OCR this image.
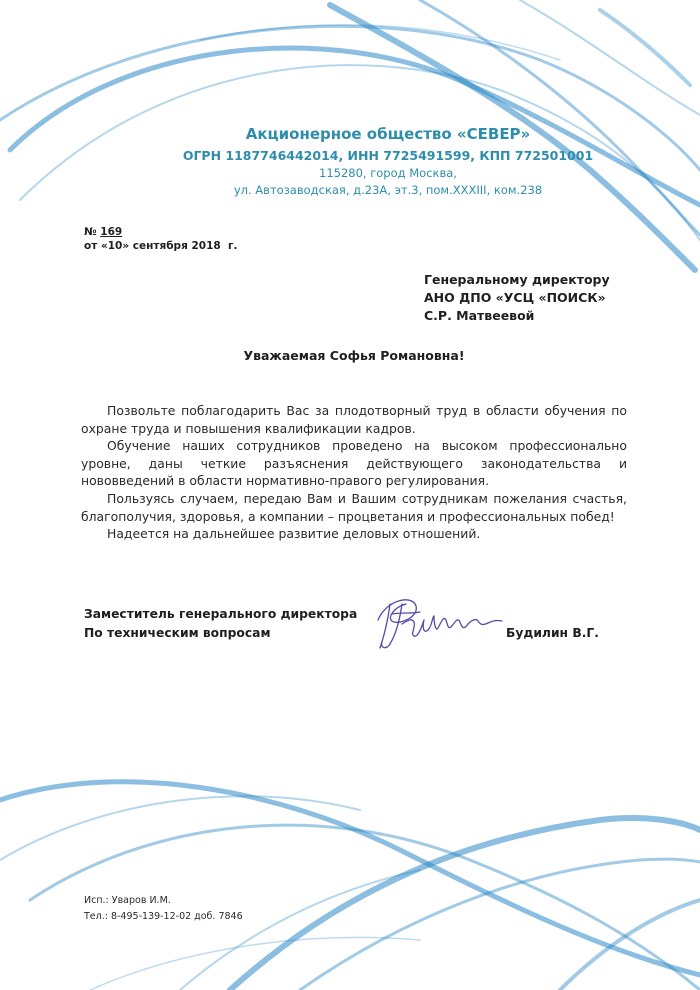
Акционерное общество «СЕВЕР»
ОГРН 1187746442014, ИНН 7725491599, КПП 772501001
115280, город Москва,
ул. Автозаводская, д.23А, эт.3, пом.XXXIII, ком.238
№ 169
от «10» сентября 2018  г.
Генеральному директору
АНО ДПО «УСЦ «ПОИСК»
С.Р. Матвеевой
Уважаемая Софья Романовна!

Позвольте поблагодарить Вас за плодотворный труд в области обучения по охране труда и повышения квалификации кадров.

Обучение наших сотрудников проведено на высоком профессионально уровне, даны четкие разъяснения действующего законодательства и нововведений в области нормативно-правого регулирования.

Пользуясь случаем, передаю Вам и Вашим сотрудникам пожелания счастья, благополучия, здоровья, а компании – процветания и профессиональных побед!

Надеется на дальнейшее развитие деловых отношений.

Заместитель генерального директора
По техническим вопросам	Будилин В.Г.
Исп.: Уваров И.М.
Тел.: 8-495-139-12-02 доб. 7846
